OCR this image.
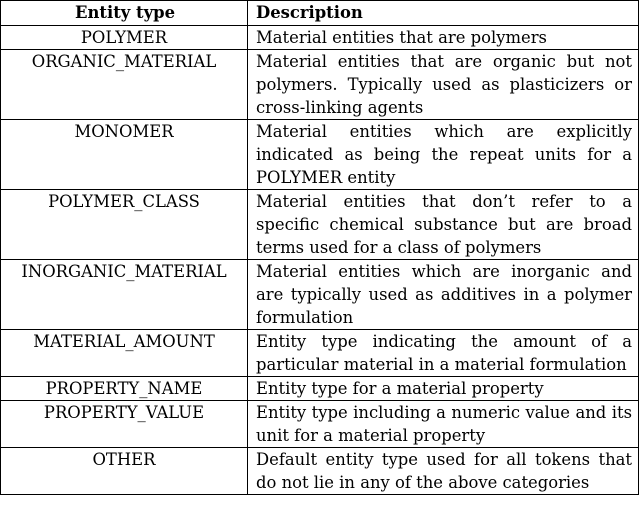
Entity type	Description
POLYMER	Material entities that are polymers
ORGANIC_MATERIAL	Material entities that are organic but not polymers. Typically used as plasticizers or cross-linking agents
MONOMER	Material entities which are explicitly indicated as being the repeat units for a POLYMER entity
POLYMER_CLASS	Material entities that don’t refer to a specific chemical substance but are broad terms used for a class of polymers
INORGANIC_MATERIAL	Material entities which are inorganic and are typically used as additives in a polymer formulation
MATERIAL_AMOUNT	Entity type indicating the amount of a particular material in a material formulation
PROPERTY_NAME	Entity type for a material property
PROPERTY_VALUE	Entity type including a numeric value and its unit for a material property
OTHER	Default entity type used for all tokens that do not lie in any of the above categories
